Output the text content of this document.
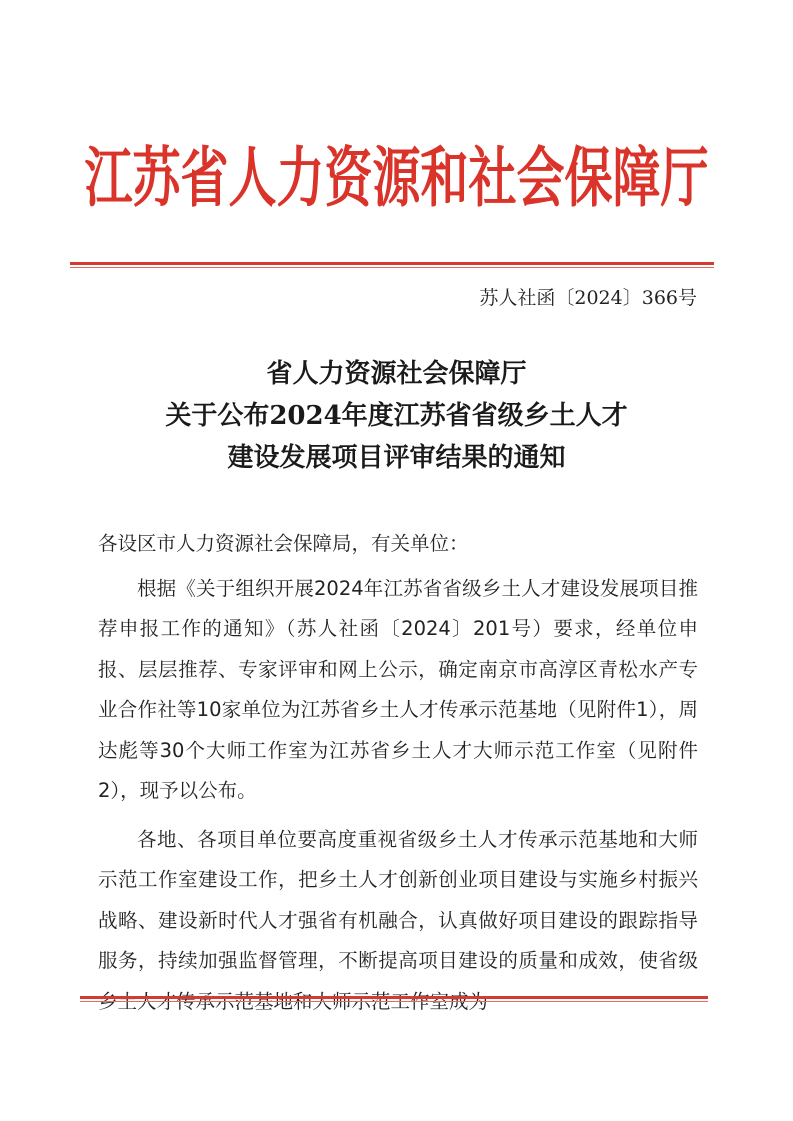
江苏省人力资源和社会保障厅
苏人社函〔2024〕366号
省人力资源社会保障厅
关于公布2024年度江苏省省级乡土人才
建设发展项目评审结果的通知

各设区市人力资源社会保障局，有关单位：

根据《关于组织开展2024年江苏省省级乡土人才建设发展项目推荐申报工作的通知》（苏人社函〔2024〕201号）要求，经单位申报、层层推荐、专家评审和网上公示，确定南京市高淳区青松水产专业合作社等10家单位为江苏省乡土人才传承示范基地（见附件1），周达彪等30个大师工作室为江苏省乡土人才大师示范工作室（见附件2），现予以公布。

各地、各项目单位要高度重视省级乡土人才传承示范基地和大师示范工作室建设工作，把乡土人才创新创业项目建设与实施乡村振兴战略、建设新时代人才强省有机融合，认真做好项目建设的跟踪指导服务，持续加强监督管理，不断提高项目建设的质量和成效，使省级
